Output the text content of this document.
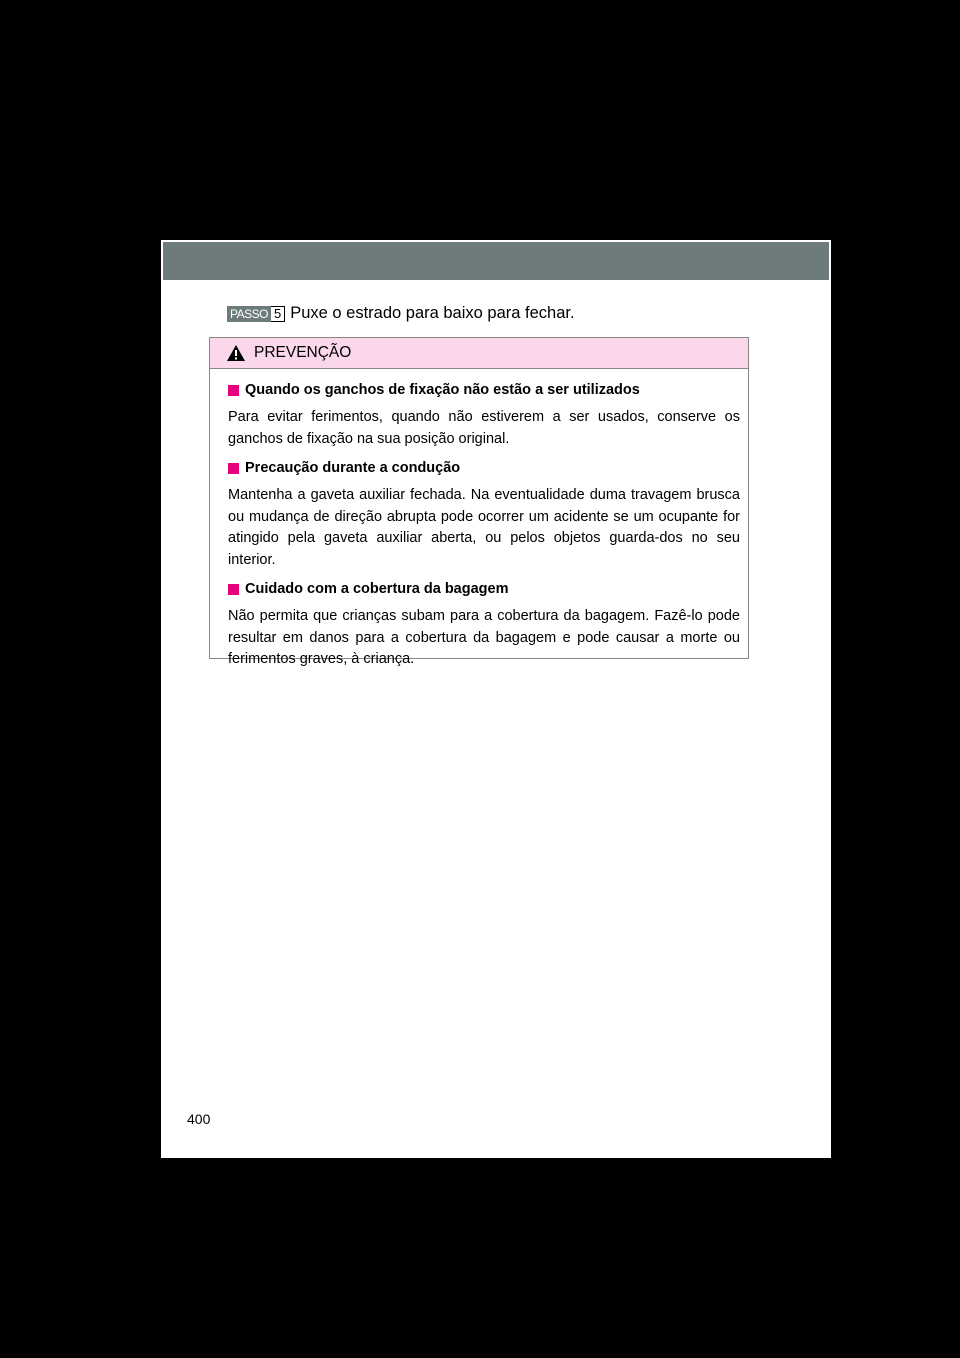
PASSO 5 Puxe o estrado para baixo para fechar.
PREVENÇÃO
Quando os ganchos de fixação não estão a ser utilizados
Para evitar ferimentos, quando não estiverem a ser usados, conserve os ganchos de fixação na sua posição original.
Precaução durante a condução
Mantenha a gaveta auxiliar fechada. Na eventualidade duma travagem brusca ou mudança de direção abrupta pode ocorrer um acidente se um ocupante for atingido pela gaveta auxiliar aberta, ou pelos objetos guarda-dos no seu interior.
Cuidado com a cobertura da bagagem
Não permita que crianças subam para a cobertura da bagagem. Fazê-lo pode resultar em danos para a cobertura da bagagem e pode causar a morte ou ferimentos graves, à criança.
400
